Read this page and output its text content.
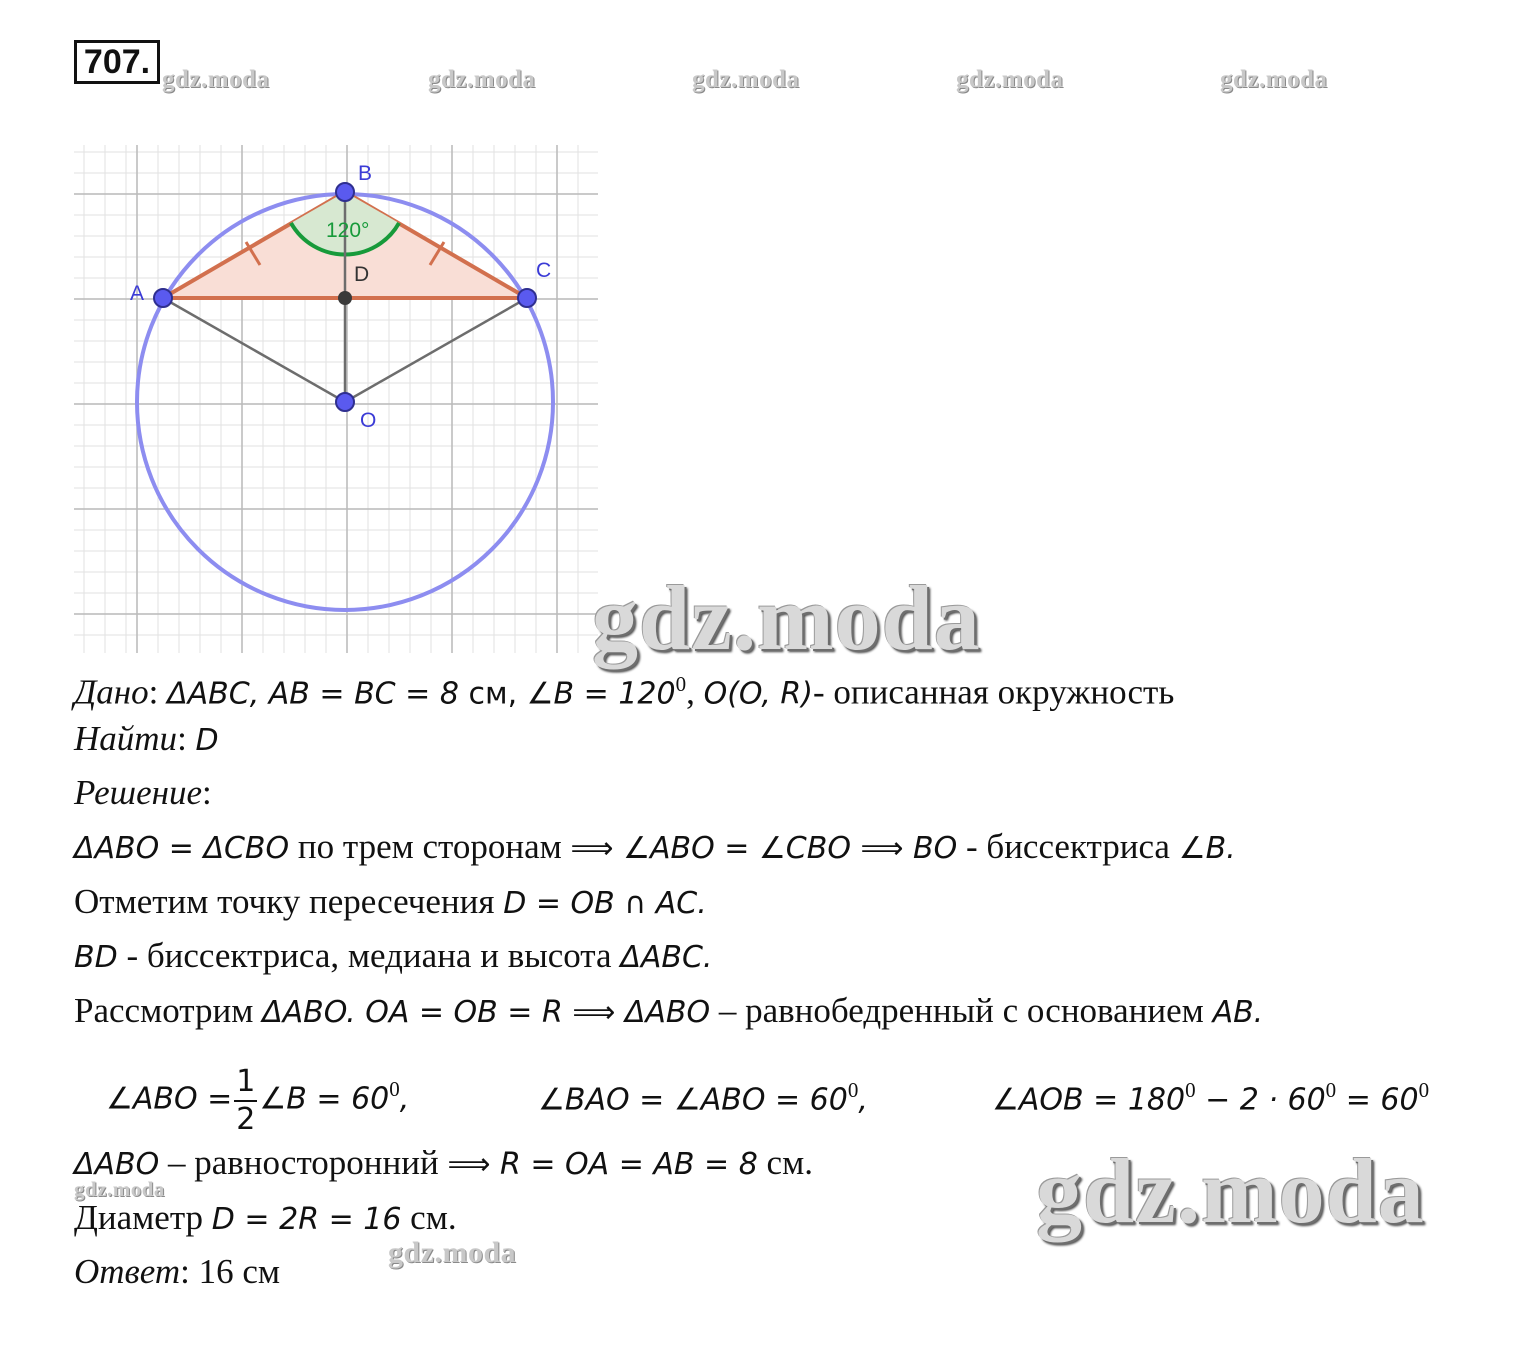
707. gdz.moda	gdz.moda	gdz.moda	gdz.moda	gdz.moda
B
A
C
D
O
120°
gdz.moda
Дано: ΔABC, AB = BC = 8 см, ∠B = $120^0$, O(O, R)- описанная окружность
Найти: D
Решение:
ΔABO = ΔCBO по трем сторонам ⟹ ∠ABO = ∠CBO ⟹ BO - биссектриса ∠B.
Отметим точку пересечения D = OB ∩ AC.
BD - биссектриса, медиана и высота ΔABC.
Рассмотрим ΔABO. OA = OB = R ⟹ ΔABO – равнобедренный с основанием AB.
∠ABO = $\frac{1}{2}$ ∠B = $60^0$,	∠BAO = ∠ABO = $60^0$,	∠AOB = $180^0 - 2 \cdot 60^0 = 60^0$
ΔABO – равносторонний ⟹ R = OA = AB = 8 см.
gdz.moda	gdz.moda
Диаметр D = 2R = 16 см.
gdz.moda
Ответ: 16 см
